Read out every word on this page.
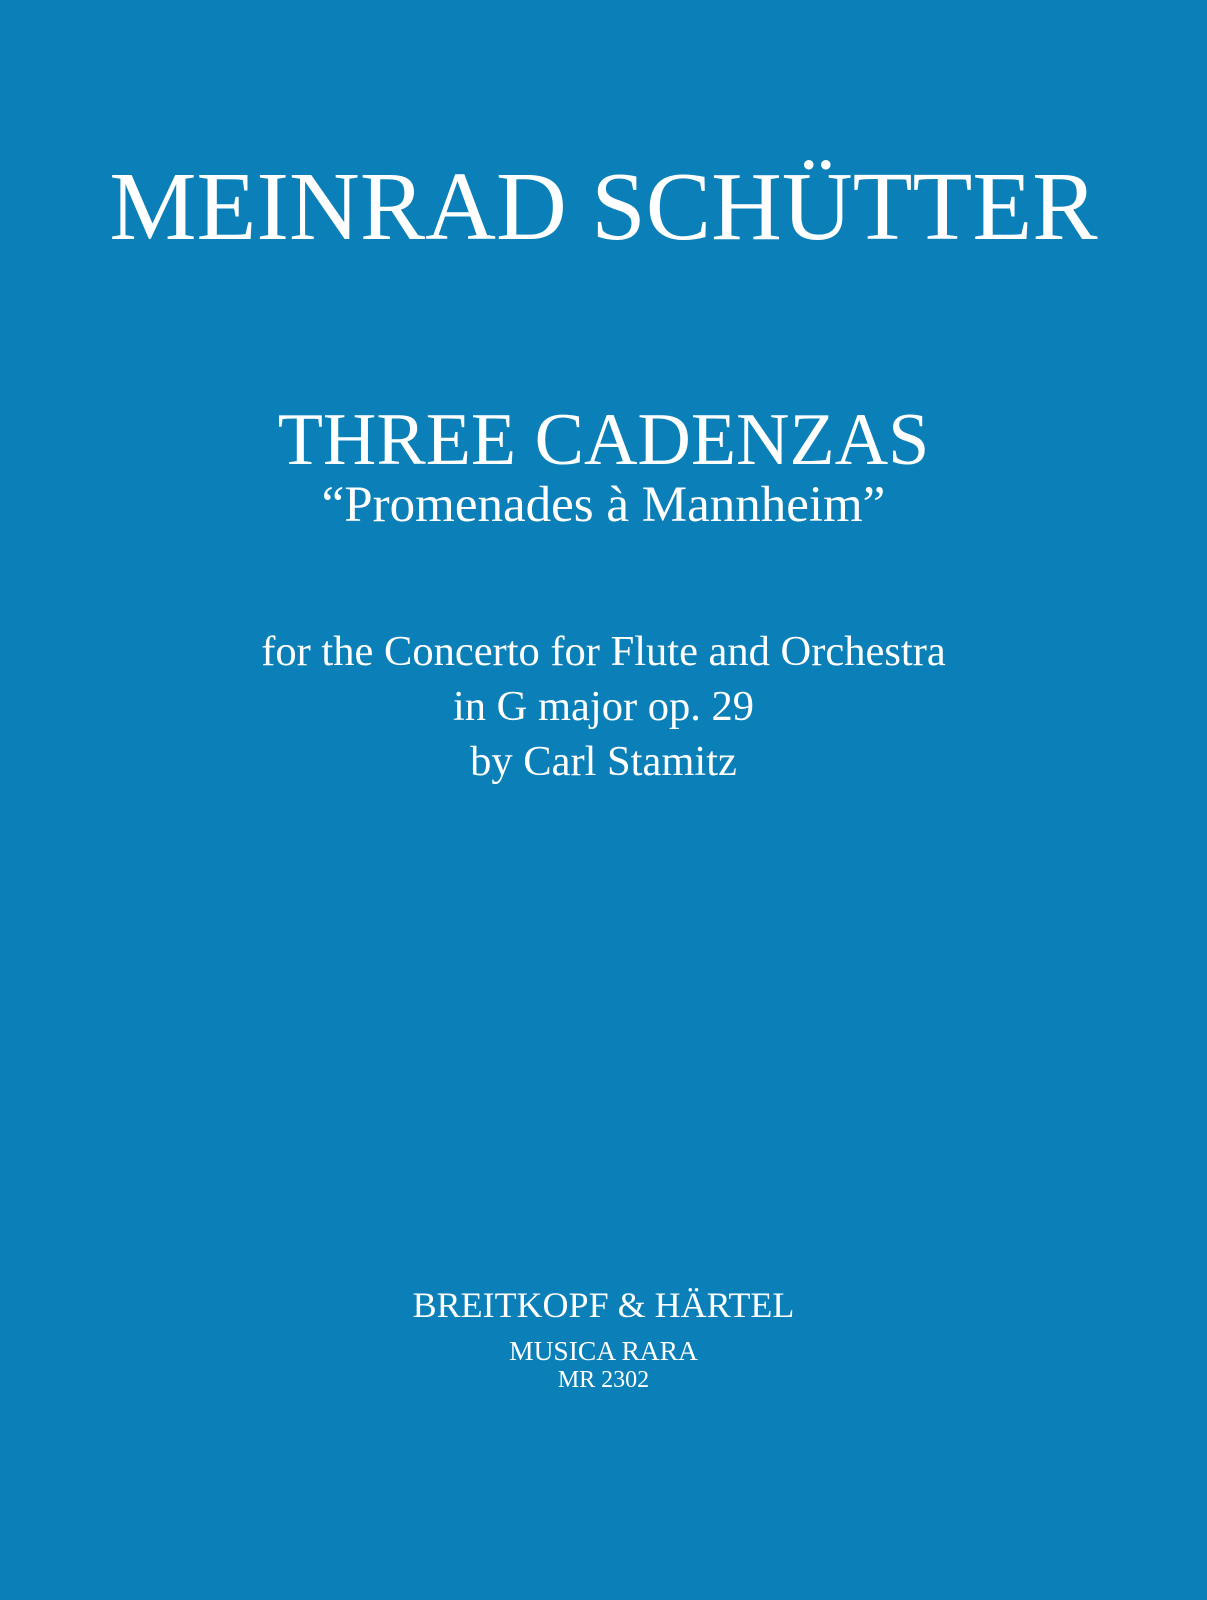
MEINRAD SCHÜTTER
THREE CADENZAS
“Promenades à Mannheim”
for the Concerto for Flute and Orchestra
in G major op. 29
by Carl Stamitz
BREITKOPF & HÄRTEL
MUSICA RARA
MR 2302
